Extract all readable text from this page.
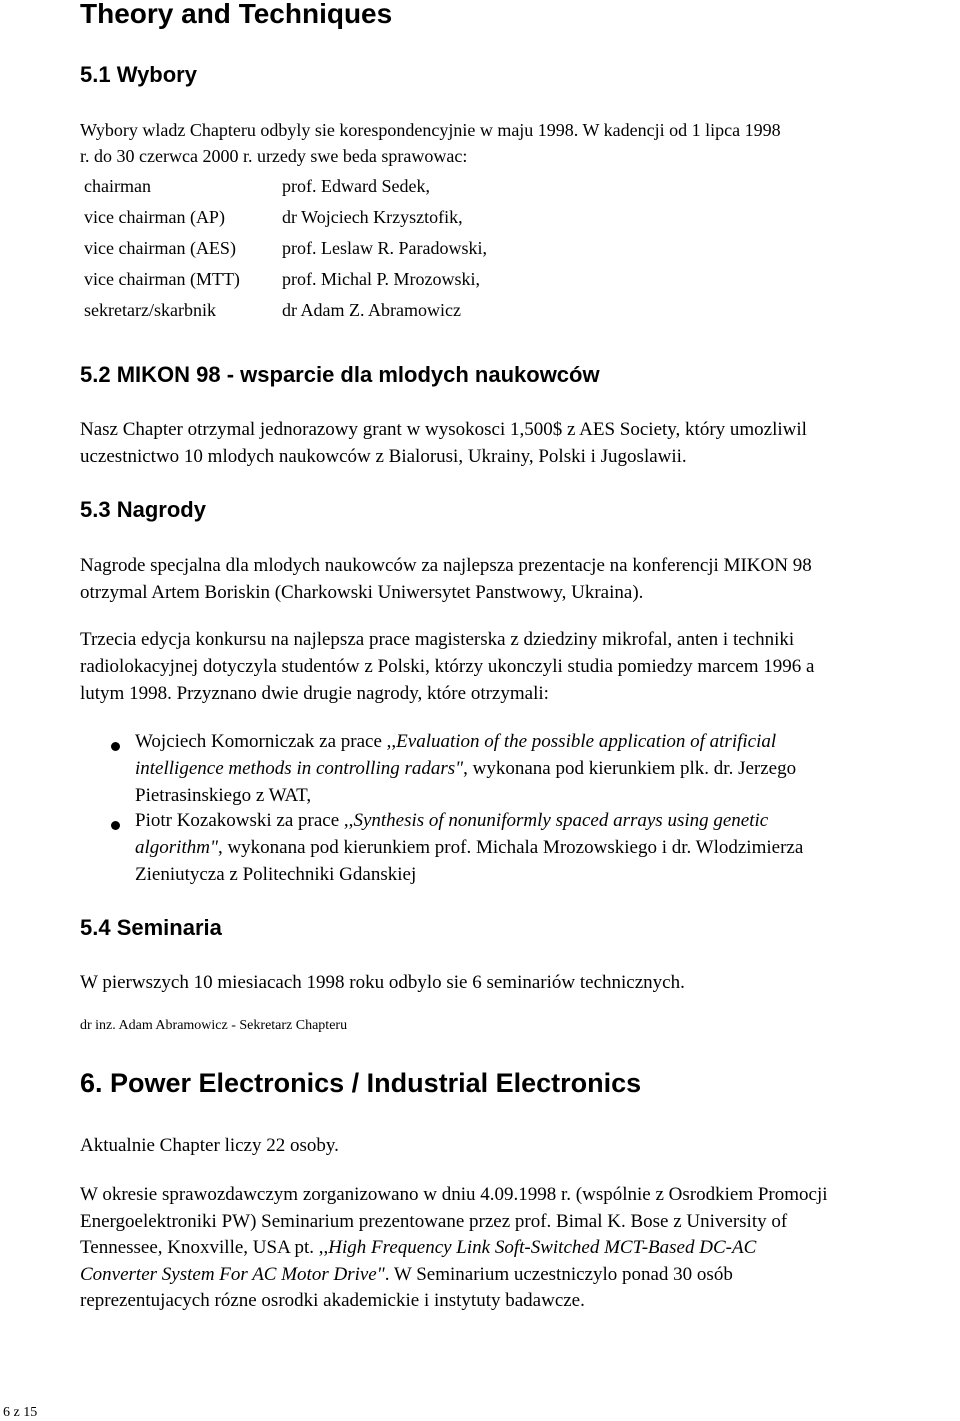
Theory and Techniques
5.1 Wybory
Wybory wladz Chapteru odbyly sie korespondencyjnie w maju 1998. W kadencji od 1 lipca 1998
r. do 30 czerwca 2000 r. urzedy swe beda sprawowac:
chairman	prof. Edward Sedek,
vice chairman (AP)	dr Wojciech Krzysztofik,
vice chairman (AES)	prof. Leslaw R. Paradowski,
vice chairman (MTT)	prof. Michal P. Mrozowski,
sekretarz/skarbnik	dr Adam Z. Abramowicz
5.2 MIKON 98 - wsparcie dla mlodych naukowców
Nasz Chapter otrzymal jednorazowy grant w wysokosci 1,500$ z AES Society, który umozliwil
uczestnictwo 10 mlodych naukowców z Bialorusi, Ukrainy, Polski i Jugoslawii.
5.3 Nagrody
Nagrode specjalna dla mlodych naukowców za najlepsza prezentacje na konferencji MIKON 98
otrzymal Artem Boriskin (Charkowski Uniwersytet Panstwowy, Ukraina).
Trzecia edycja konkursu na najlepsza prace magisterska z dziedziny mikrofal, anten i techniki
radiolokacyjnej dotyczyla studentów z Polski, którzy ukonczyli studia pomiedzy marcem 1996 a
lutym 1998. Przyznano dwie drugie nagrody, które otrzymali:
Wojciech Komorniczak za prace ,,Evaluation of the possible application of atrificial
intelligence methods in controlling radars", wykonana pod kierunkiem plk. dr. Jerzego
Pietrasinskiego z WAT,
Piotr Kozakowski za prace ,,Synthesis of nonuniformly spaced arrays using genetic
algorithm", wykonana pod kierunkiem prof. Michala Mrozowskiego i dr. Wlodzimierza
Zieniutycza z Politechniki Gdanskiej
5.4 Seminaria
W pierwszych 10 miesiacach 1998 roku odbylo sie 6 seminariów technicznych.
dr inz. Adam Abramowicz - Sekretarz Chapteru
6. Power Electronics / Industrial Electronics
Aktualnie Chapter liczy 22 osoby.
W okresie sprawozdawczym zorganizowano w dniu 4.09.1998 r. (wspólnie z Osrodkiem Promocji
Energoelektroniki PW) Seminarium prezentowane przez prof. Bimal K. Bose z University of
Tennessee, Knoxville, USA pt. ,,High Frequency Link Soft-Switched MCT-Based DC-AC
Converter System For AC Motor Drive". W Seminarium uczestniczylo ponad 30 osób
reprezentujacych rózne osrodki akademickie i instytuty badawcze.
6 z 15
